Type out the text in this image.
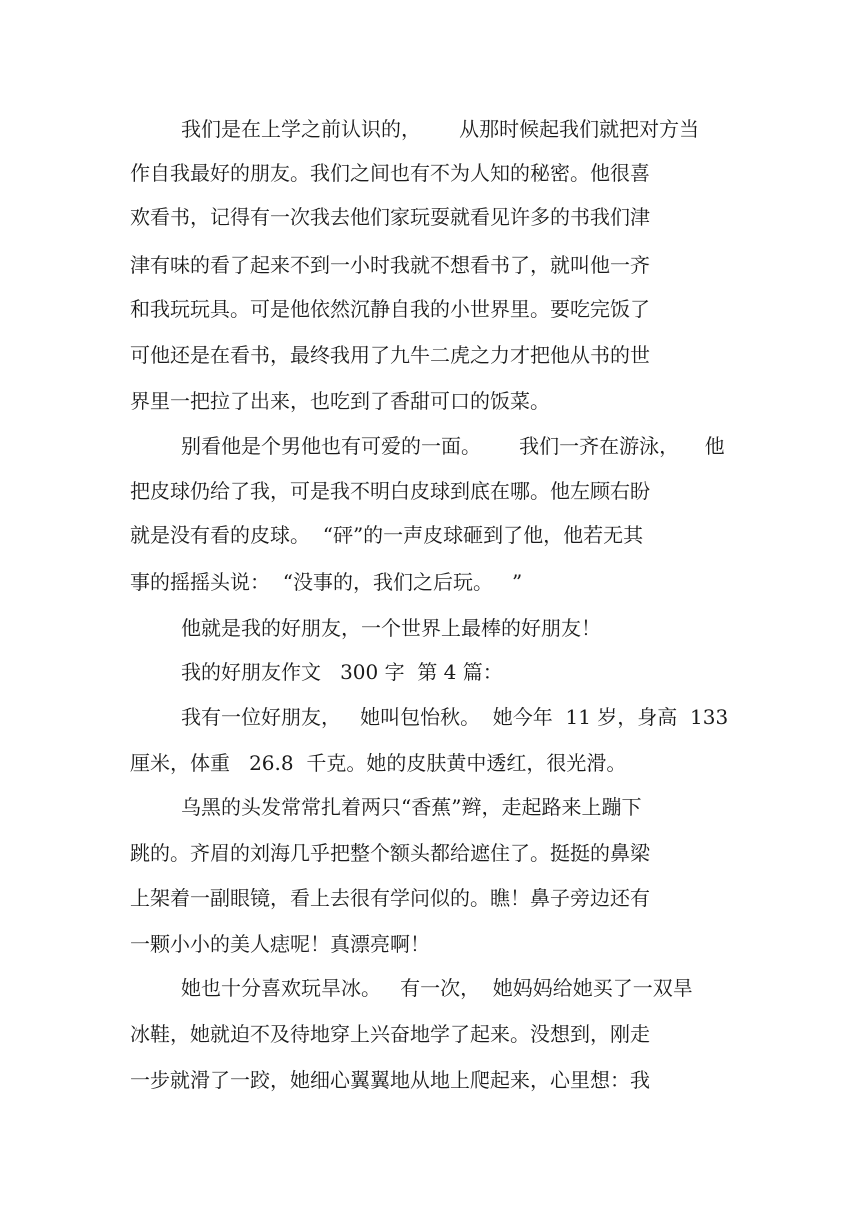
我们是在上学之前认识的，      从那时候起我们就把对方当

作自我最好的朋友。我们之间也有不为人知的秘密。他很喜

欢看书，记得有一次我去他们家玩耍就看见许多的书我们津

津有味的看了起来不到一小时我就不想看书了，就叫他一齐

和我玩玩具。可是他依然沉静自我的小世界里。要吃完饭了

可他还是在看书，最终我用了九牛二虎之力才把他从书的世

界里一把拉了出来，也吃到了香甜可口的饭菜。

别看他是个男他也有可爱的一面。      我们一齐在游泳，    他

把皮球仍给了我，可是我不明白皮球到底在哪。他左顾右盼

就是没有看的皮球。  “砰”的一声皮球砸到了他，他若无其

事的摇摇头说：  “没事的，我们之后玩。   ”

他就是我的好朋友，一个世界上最棒的好朋友！

我的好朋友作文   300 字  第 4 篇：

我有一位好朋友，   她叫包怡秋。  她今年  11 岁，身高  133

厘米，体重   26.8  千克。她的皮肤黄中透红，很光滑。

乌黑的头发常常扎着两只“香蕉”辫，走起路来上蹦下

跳的。齐眉的刘海几乎把整个额头都给遮住了。挺挺的鼻梁

上架着一副眼镜，看上去很有学问似的。瞧！鼻子旁边还有

一颗小小的美人痣呢！真漂亮啊！

她也十分喜欢玩旱冰。   有一次，  她妈妈给她买了一双旱

冰鞋，她就迫不及待地穿上兴奋地学了起来。没想到，刚走

一步就滑了一跤，她细心翼翼地从地上爬起来，心里想：我
